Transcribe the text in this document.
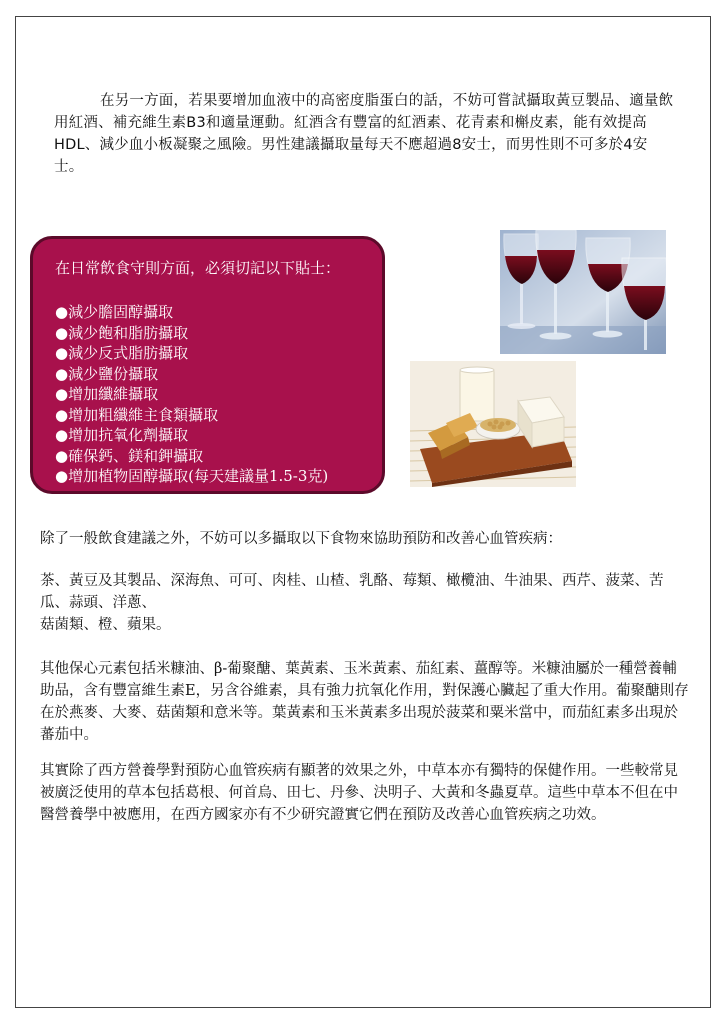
在另一方面，若果要增加血液中的高密度脂蛋白的話，不妨可嘗試攝取黃豆製品、適量飲用紅酒、補充維生素B3和適量運動。紅酒含有豐富的紅酒素、花青素和槲皮素，能有效提高HDL、減少血小板凝聚之風險。男性建議攝取量每天不應超過8安士，而男性則不可多於4安士。

在日常飲食守則方面，必須切記以下貼士：
●減少膽固醇攝取
●減少飽和脂肪攝取
●減少反式脂肪攝取
●減少鹽份攝取
●增加纖維攝取
●增加粗纖維主食類攝取
●增加抗氧化劑攝取
●確保鈣、鎂和鉀攝取
●增加植物固醇攝取(每天建議量1.5-3克)

除了一般飲食建議之外，不妨可以多攝取以下食物來協助預防和改善心血管疾病：

茶、黃豆及其製品、深海魚、可可、肉桂、山楂、乳酪、莓類、橄欖油、牛油果、西芹、菠菜、苦瓜、蒜頭、洋蔥、

菇菌類、橙、蘋果。

其他保心元素包括米糠油、β-葡聚醣、葉黃素、玉米黃素、茄紅素、薑醇等。米糠油屬於一種營養輔助品，含有豐富維生素E，另含谷維素，具有強力抗氧化作用，對保護心臟起了重大作用。葡聚醣則存在於燕麥、大麥、菇菌類和意米等。葉黃素和玉米黃素多出現於菠菜和粟米當中，而茄紅素多出現於蕃茄中。

其實除了西方營養學對預防心血管疾病有顯著的效果之外，中草本亦有獨特的保健作用。一些較常見被廣泛使用的草本包括葛根、何首烏、田七、丹參、決明子、大黃和冬蟲夏草。這些中草本不但在中醫營養學中被應用，在西方國家亦有不少研究證實它們在預防及改善心血管疾病之功效。
